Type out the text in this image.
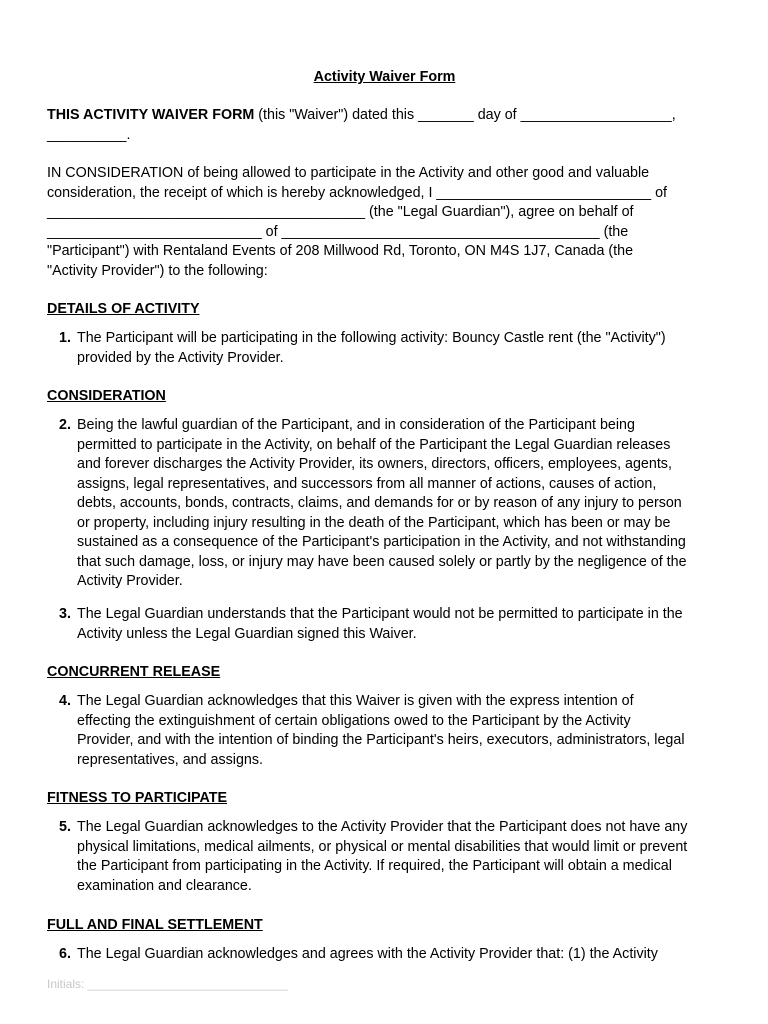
Activity Waiver Form
THIS ACTIVITY WAIVER FORM (this "Waiver") dated this _______ day of ___________________,
__________.
IN CONSIDERATION of being allowed to participate in the Activity and other good and valuable
consideration, the receipt of which is hereby acknowledged, I ___________________________ of
________________________________________ (the "Legal Guardian"), agree on behalf of
___________________________ of ________________________________________ (the
"Participant") with Rentaland Events of 208 Millwood Rd, Toronto, ON M4S 1J7, Canada (the
"Activity Provider") to the following:
DETAILS OF ACTIVITY
1. The Participant will be participating in the following activity: Bouncy Castle rent (the "Activity")
provided by the Activity Provider.
CONSIDERATION
2. Being the lawful guardian of the Participant, and in consideration of the Participant being
permitted to participate in the Activity, on behalf of the Participant the Legal Guardian releases
and forever discharges the Activity Provider, its owners, directors, officers, employees, agents,
assigns, legal representatives, and successors from all manner of actions, causes of action,
debts, accounts, bonds, contracts, claims, and demands for or by reason of any injury to person
or property, including injury resulting in the death of the Participant, which has been or may be
sustained as a consequence of the Participant's participation in the Activity, and not withstanding
that such damage, loss, or injury may have been caused solely or partly by the negligence of the
Activity Provider.
3. The Legal Guardian understands that the Participant would not be permitted to participate in the
Activity unless the Legal Guardian signed this Waiver.
CONCURRENT RELEASE
4. The Legal Guardian acknowledges that this Waiver is given with the express intention of
effecting the extinguishment of certain obligations owed to the Participant by the Activity
Provider, and with the intention of binding the Participant's heirs, executors, administrators, legal
representatives, and assigns.
FITNESS TO PARTICIPATE
5. The Legal Guardian acknowledges to the Activity Provider that the Participant does not have any
physical limitations, medical ailments, or physical or mental disabilities that would limit or prevent
the Participant from participating in the Activity. If required, the Participant will obtain a medical
examination and clearance.
FULL AND FINAL SETTLEMENT
6. The Legal Guardian acknowledges and agrees with the Activity Provider that: (1) the Activity
Initials: ______________________________
